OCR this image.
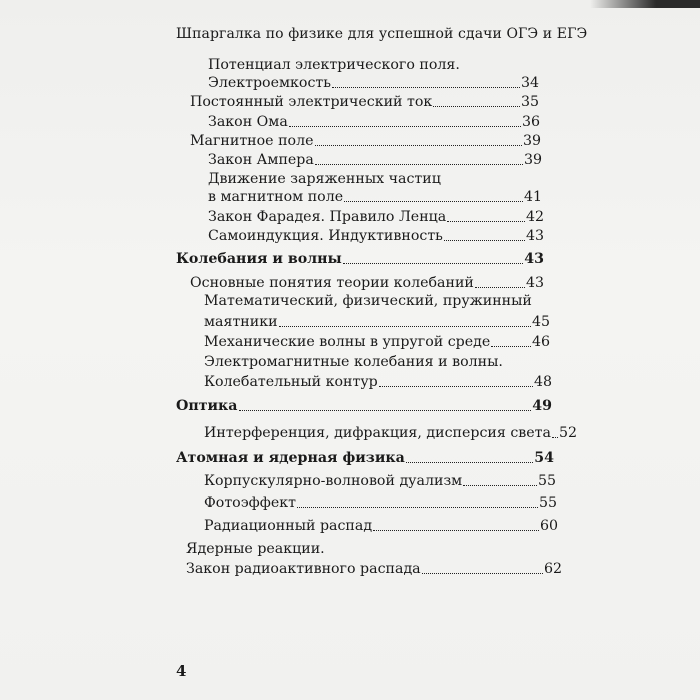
Шпаргалка по физике для успешной сдачи ОГЭ и ЕГЭ
Потенциал электрического поля.
Электроемкость	34
Постоянный электрический ток	35
Закон Ома	36
Магнитное поле	39
Закон Ампера	39
Движение заряженных частиц
в магнитном поле	41
Закон Фарадея. Правило Ленца	42
Самоиндукция. Индуктивность	43
Колебания и волны	43
Основные понятия теории колебаний	43
Математический, физический, пружинный
маятники	45
Механические волны в упругой среде	46
Электромагнитные колебания и волны.
Колебательный контур	48
Оптика	49
Интерференция, дифракция, дисперсия света 52
Атомная и ядерная физика	54
Корпускулярно-волновой дуализм	55
Фотоэффект	55
Радиационный распад	60
Ядерные реакции.
Закон радиоактивного распада	62
4
